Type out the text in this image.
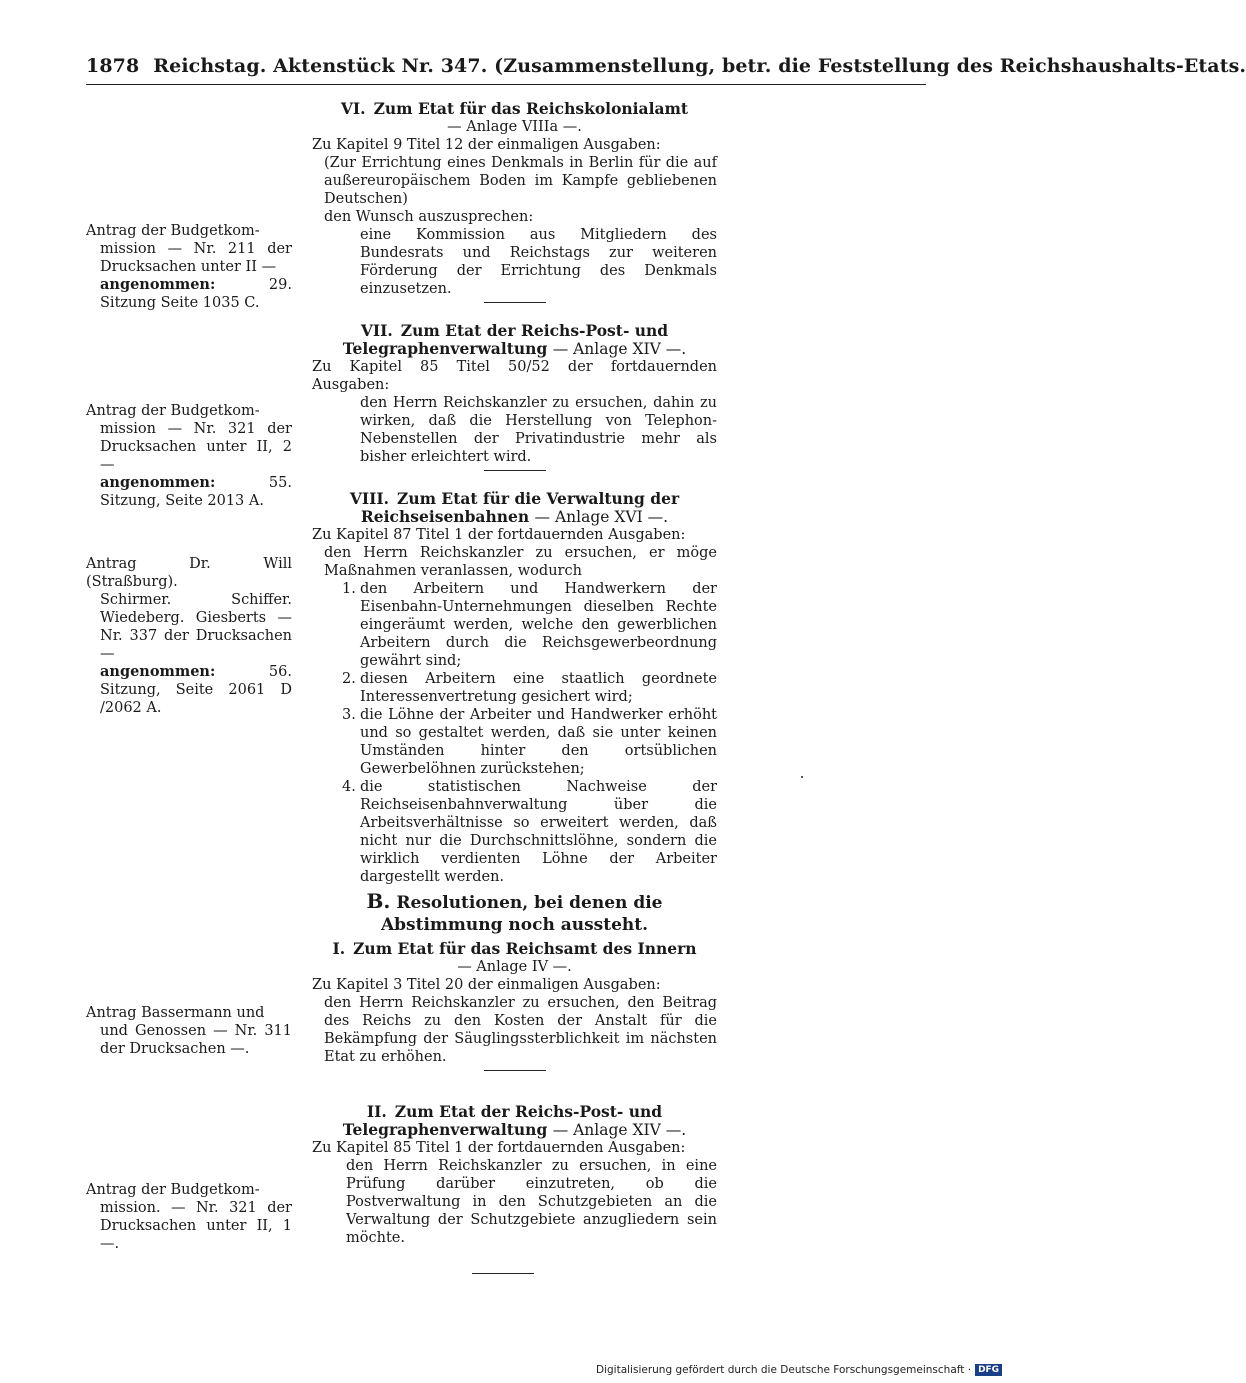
1878 Reichstag. Aktenstück Nr. 347. (Zusammenstellung, betr. die Feststellung des Reichshaushalts-Etats.
VI. Zum Etat für das Reichskolonialamt
— Anlage VIIIa —.
Zu Kapitel 9 Titel 12 der einmaligen Ausgaben:
(Zur Errichtung eines Denkmals in Berlin für die auf außereuropäischem Boden im Kampfe gebliebenen Deutschen)
den Wunsch auszusprechen:
eine Kommission aus Mitgliedern des Bundesrats und Reichstags zur weiteren Förderung der Errichtung des Denkmals einzusetzen.
Antrag der Budgetkom-
mission — Nr. 211 der Drucksachen unter II —
angenommen: 29. Sitzung Seite 1035 C.
VII. Zum Etat der Reichs-Post- und Telegraphenverwaltung — Anlage XIV —.
Zu Kapitel 85 Titel 50/52 der fortdauernden Ausgaben:
den Herrn Reichskanzler zu ersuchen, dahin zu wirken, daß die Herstellung von Telephon-Nebenstellen der Privatindustrie mehr als bisher erleichtert wird.
Antrag der Budgetkom-
mission — Nr. 321 der Drucksachen unter II, 2 —
angenommen: 55. Sitzung, Seite 2013 A.	VIII. Zum Etat für die Verwaltung der Reichseisenbahnen — Anlage XVI —.
Zu Kapitel 87 Titel 1 der fortdauernden Ausgaben:
den Herrn Reichskanzler zu ersuchen, er möge Maßnahmen veranlassen, wodurch
1. den Arbeitern und Handwerkern der Eisenbahn-Unternehmungen dieselben Rechte eingeräumt werden, welche den gewerblichen Arbeitern durch die Reichsgewerbeordnung gewährt sind;
2. diesen Arbeitern eine staatlich geordnete Interessenvertretung gesichert wird;
3. die Löhne der Arbeiter und Handwerker erhöht und so gestaltet werden, daß sie unter keinen Umständen hinter den ortsüblichen Gewerbelöhnen zurückstehen;
4. die statistischen Nachweise der Reichseisenbahnverwaltung über die Arbeitsverhältnisse so erweitert werden, daß nicht nur die Durchschnittslöhne, sondern die wirklich verdienten Löhne der Arbeiter dargestellt werden.
Antrag Dr. Will (Straßburg).
Schirmer. Schiffer. Wiedeberg. Giesberts — Nr. 337 der Drucksachen —
angenommen: 56. Sitzung, Seite 2061 D /2062 A.
B. Resolutionen, bei denen die Abstimmung noch aussteht.
I. Zum Etat für das Reichsamt des Innern
— Anlage IV —.
Zu Kapitel 3 Titel 20 der einmaligen Ausgaben:
den Herrn Reichskanzler zu ersuchen, den Beitrag des Reichs zu den Kosten der Anstalt für die Bekämpfung der Säuglingssterblichkeit im nächsten Etat zu erhöhen.
Antrag Bassermann und
und Genossen — Nr. 311 der Drucksachen —.
II. Zum Etat der Reichs-Post- und Telegraphenverwaltung — Anlage XIV —.
Zu Kapitel 85 Titel 1 der fortdauernden Ausgaben:
den Herrn Reichskanzler zu ersuchen, in eine Prüfung darüber einzutreten, ob die Postverwaltung in den Schutzgebieten an die Verwaltung der Schutzgebiete anzugliedern sein möchte.
Antrag der Budgetkom-
mission. — Nr. 321 der Drucksachen unter II, 1 —.
Digitalisierung gefördert durch die Deutsche Forschungsgemeinschaft · DFG
